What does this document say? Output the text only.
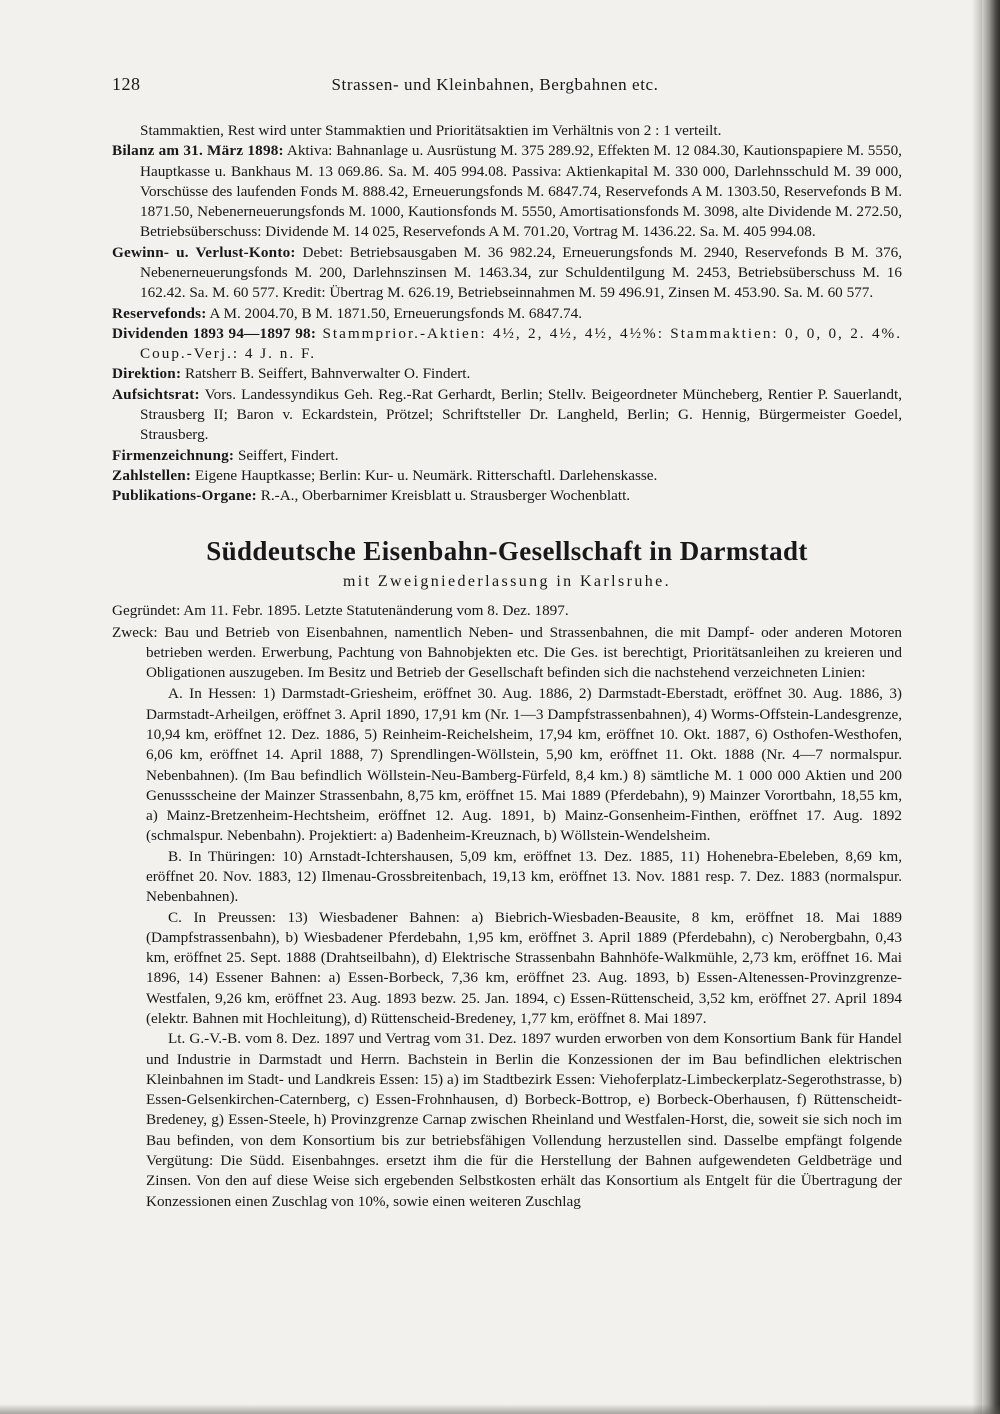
128	Strassen- und Kleinbahnen, Bergbahnen etc.
Stammaktien, Rest wird unter Stammaktien und Prioritätsaktien im Verhältnis von 2 : 1 verteilt.
Bilanz am 31. März 1898: Aktiva: Bahnanlage u. Ausrüstung M. 375 289.92, Effekten M. 12 084.30, Kautionspapiere M. 5550, Hauptkasse u. Bankhaus M. 13 069.86. Sa. M. 405 994.08. Passiva: Aktienkapital M. 330 000, Darlehnsschuld M. 39 000, Vorschüsse des laufenden Fonds M. 888.42, Erneuerungsfonds M. 6847.74, Reservefonds A M. 1303.50, Reservefonds B M. 1871.50, Nebenerneuerungsfonds M. 1000, Kautionsfonds M. 5550, Amortisationsfonds M. 3098, alte Dividende M. 272.50, Betriebsüberschuss: Dividende M. 14 025, Reservefonds A M. 701.20, Vortrag M. 1436.22. Sa. M. 405 994.08.
Gewinn- u. Verlust-Konto: Debet: Betriebsausgaben M. 36 982.24, Erneuerungsfonds M. 2940, Reservefonds B M. 376, Nebenerneuerungsfonds M. 200, Darlehnszinsen M. 1463.34, zur Schuldentilgung M. 2453, Betriebsüberschuss M. 16 162.42. Sa. M. 60 577. Kredit: Übertrag M. 626.19, Betriebseinnahmen M. 59 496.91, Zinsen M. 453.90. Sa. M. 60 577.
Reservefonds: A M. 2004.70, B M. 1871.50, Erneuerungsfonds M. 6847.74.
Dividenden 1893 94—1897 98: Stammprior.-Aktien: 4½, 2, 4½, 4½, 4½%: Stammaktien: 0, 0, 0, 2. 4%. Coup.-Verj.: 4 J. n. F.
Direktion: Ratsherr B. Seiffert, Bahnverwalter O. Findert.
Aufsichtsrat: Vors. Landessyndikus Geh. Reg.-Rat Gerhardt, Berlin; Stellv. Beigeordneter Müncheberg, Rentier P. Sauerlandt, Strausberg II; Baron v. Eckardstein, Prötzel; Schriftsteller Dr. Langheld, Berlin; G. Hennig, Bürgermeister Goedel, Strausberg.
Firmenzeichnung: Seiffert, Findert.
Zahlstellen: Eigene Hauptkasse; Berlin: Kur- u. Neumärk. Ritterschaftl. Darlehenskasse.
Publikations-Organe: R.-A., Oberbarnimer Kreisblatt u. Strausberger Wochenblatt.
Süddeutsche Eisenbahn-Gesellschaft in Darmstadt
mit Zweigniederlassung in Karlsruhe.
Gegründet: Am 11. Febr. 1895. Letzte Statutenänderung vom 8. Dez. 1897.
Zweck: Bau und Betrieb von Eisenbahnen, namentlich Neben- und Strassenbahnen, die mit Dampf- oder anderen Motoren betrieben werden. Erwerbung, Pachtung von Bahnobjekten etc. Die Ges. ist berechtigt, Prioritätsanleihen zu kreieren und Obligationen auszugeben. Im Besitz und Betrieb der Gesellschaft befinden sich die nachstehend verzeichneten Linien:
A. In Hessen: 1) Darmstadt-Griesheim, eröffnet 30. Aug. 1886, 2) Darmstadt-Eberstadt, eröffnet 30. Aug. 1886, 3) Darmstadt-Arheilgen, eröffnet 3. April 1890, 17,91 km (Nr. 1—3 Dampfstrassenbahnen), 4) Worms-Offstein-Landesgrenze, 10,94 km, eröffnet 12. Dez. 1886, 5) Reinheim-Reichelsheim, 17,94 km, eröffnet 10. Okt. 1887, 6) Osthofen-Westhofen, 6,06 km, eröffnet 14. April 1888, 7) Sprendlingen-Wöllstein, 5,90 km, eröffnet 11. Okt. 1888 (Nr. 4—7 normalspur. Nebenbahnen). (Im Bau befindlich Wöllstein-Neu-Bamberg-Fürfeld, 8,4 km.) 8) sämtliche M. 1 000 000 Aktien und 200 Genussscheine der Mainzer Strassenbahn, 8,75 km, eröffnet 15. Mai 1889 (Pferdebahn), 9) Mainzer Vorortbahn, 18,55 km, a) Mainz-Bretzenheim-Hechtsheim, eröffnet 12. Aug. 1891, b) Mainz-Gonsenheim-Finthen, eröffnet 17. Aug. 1892 (schmalspur. Nebenbahn). Projektiert: a) Badenheim-Kreuznach, b) Wöllstein-Wendelsheim.
B. In Thüringen: 10) Arnstadt-Ichtershausen, 5,09 km, eröffnet 13. Dez. 1885, 11) Hohenebra-Ebeleben, 8,69 km, eröffnet 20. Nov. 1883, 12) Ilmenau-Grossbreitenbach, 19,13 km, eröffnet 13. Nov. 1881 resp. 7. Dez. 1883 (normalspur. Nebenbahnen).
C. In Preussen: 13) Wiesbadener Bahnen: a) Biebrich-Wiesbaden-Beausite, 8 km, eröffnet 18. Mai 1889 (Dampfstrassenbahn), b) Wiesbadener Pferdebahn, 1,95 km, eröffnet 3. April 1889 (Pferdebahn), c) Nerobergbahn, 0,43 km, eröffnet 25. Sept. 1888 (Drahtseilbahn), d) Elektrische Strassenbahn Bahnhöfe-Walkmühle, 2,73 km, eröffnet 16. Mai 1896, 14) Essener Bahnen: a) Essen-Borbeck, 7,36 km, eröffnet 23. Aug. 1893, b) Essen-Altenessen-Provinzgrenze-Westfalen, 9,26 km, eröffnet 23. Aug. 1893 bezw. 25. Jan. 1894, c) Essen-Rüttenscheid, 3,52 km, eröffnet 27. April 1894 (elektr. Bahnen mit Hochleitung), d) Rüttenscheid-Bredeney, 1,77 km, eröffnet 8. Mai 1897.
Lt. G.-V.-B. vom 8. Dez. 1897 und Vertrag vom 31. Dez. 1897 wurden erworben von dem Konsortium Bank für Handel und Industrie in Darmstadt und Herrn. Bachstein in Berlin die Konzessionen der im Bau befindlichen elektrischen Kleinbahnen im Stadt- und Landkreis Essen: 15) a) im Stadtbezirk Essen: Viehoferplatz-Limbeckerplatz-Segerothstrasse, b) Essen-Gelsenkirchen-Caternberg, c) Essen-Frohnhausen, d) Borbeck-Bottrop, e) Borbeck-Oberhausen, f) Rüttenscheidt-Bredeney, g) Essen-Steele, h) Provinzgrenze Carnap zwischen Rheinland und Westfalen-Horst, die, soweit sie sich noch im Bau befinden, von dem Konsortium bis zur betriebsfähigen Vollendung herzustellen sind. Dasselbe empfängt folgende Vergütung: Die Südd. Eisenbahnges. ersetzt ihm die für die Herstellung der Bahnen aufgewendeten Geldbeträge und Zinsen. Von den auf diese Weise sich ergebenden Selbstkosten erhält das Konsortium als Entgelt für die Übertragung der Konzessionen einen Zuschlag von 10%, sowie einen weiteren Zuschlag
